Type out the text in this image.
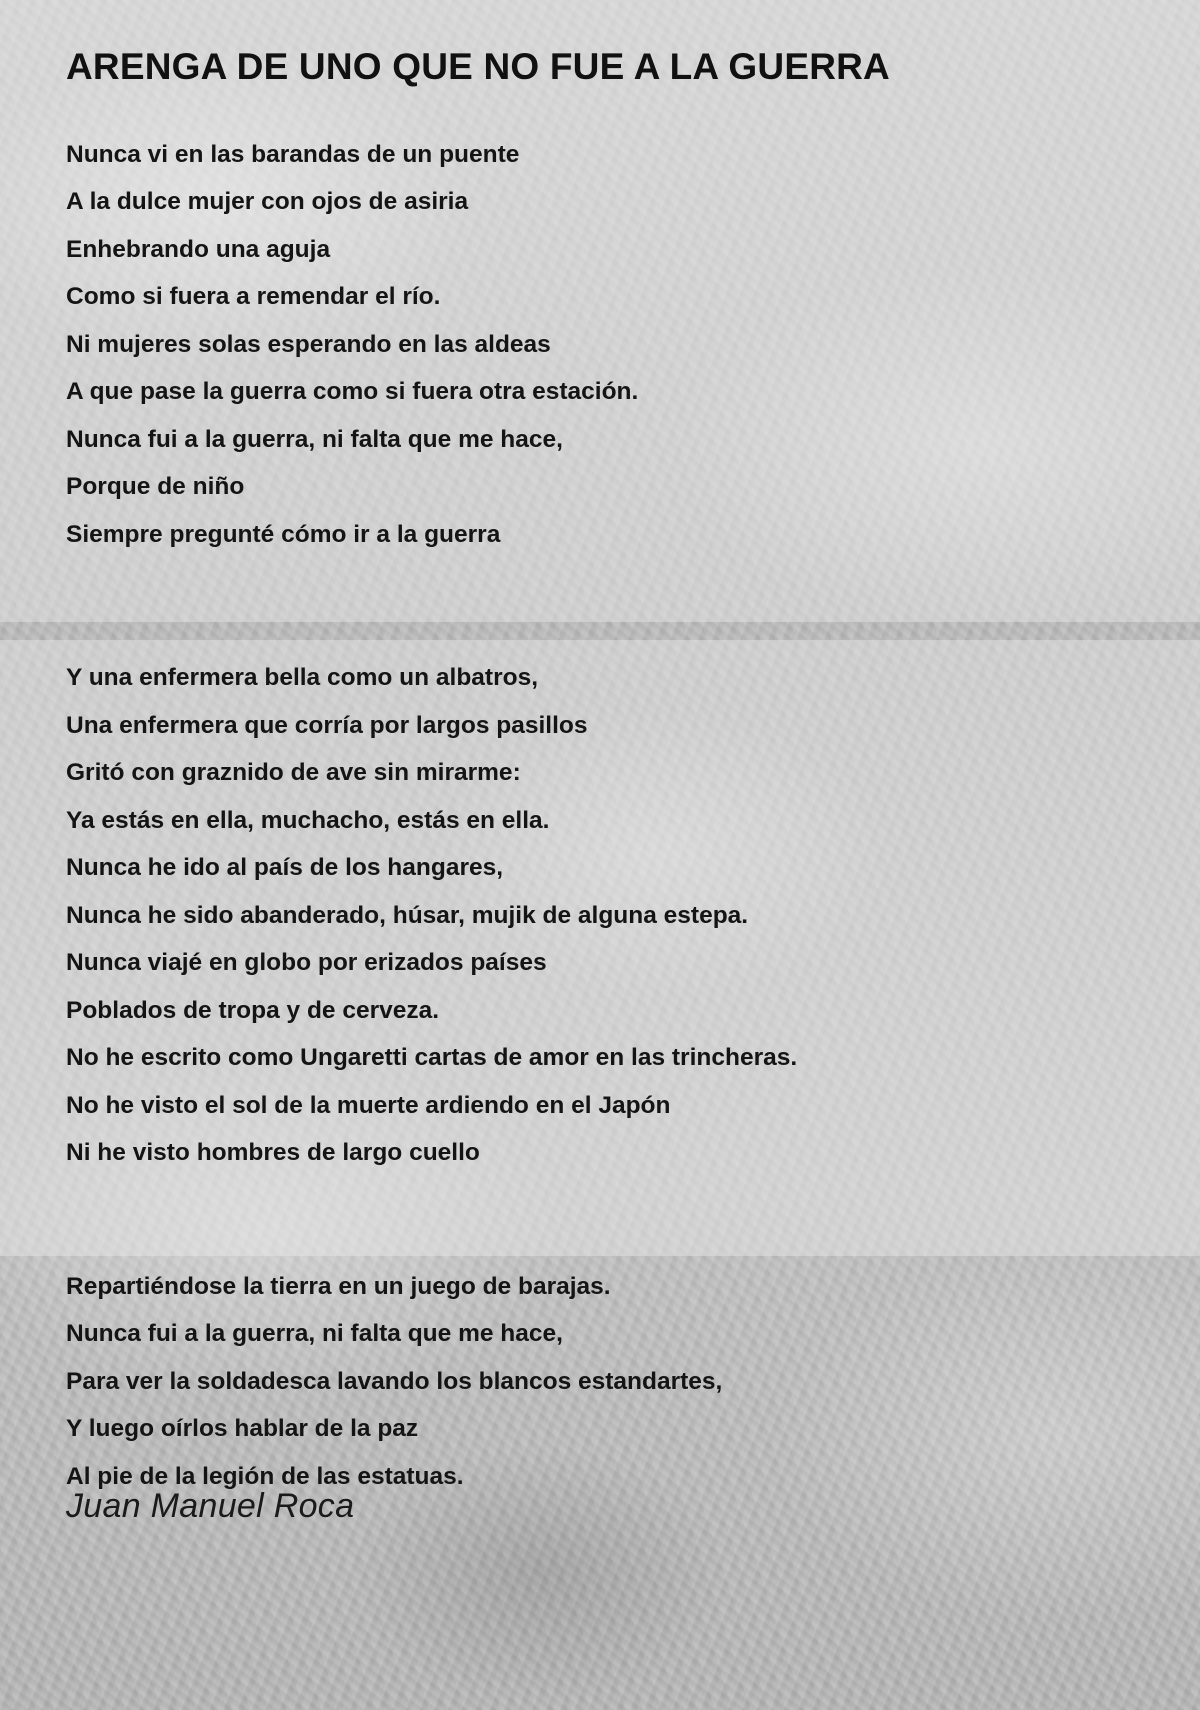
ARENGA DE UNO QUE NO FUE A LA GUERRA
Nunca vi en las barandas de un puente
A la dulce mujer con ojos de asiria
Enhebrando una aguja
Como si fuera a remendar el río.
Ni mujeres solas esperando en las aldeas
A que pase la guerra como si fuera otra estación.
Nunca fui a la guerra, ni falta que me hace,
Porque de niño
Siempre pregunté cómo ir a la guerra
Y una enfermera bella como un albatros,
Una enfermera que corría por largos pasillos
Gritó con graznido de ave sin mirarme:
Ya estás en ella, muchacho, estás en ella.
Nunca he ido al país de los hangares,
Nunca he sido abanderado, húsar, mujik de alguna estepa.
Nunca viajé en globo por erizados países
Poblados de tropa y de cerveza.
No he escrito como Ungaretti cartas de amor en las trincheras.
No he visto el sol de la muerte ardiendo en el Japón
Ni he visto hombres de largo cuello
Repartiéndose la tierra en un juego de barajas.
Nunca fui a la guerra, ni falta que me hace,
Para ver la soldadesca lavando los blancos estandartes,
Y luego oírlos hablar de la paz
Al pie de la legión de las estatuas.
Juan Manuel Roca
